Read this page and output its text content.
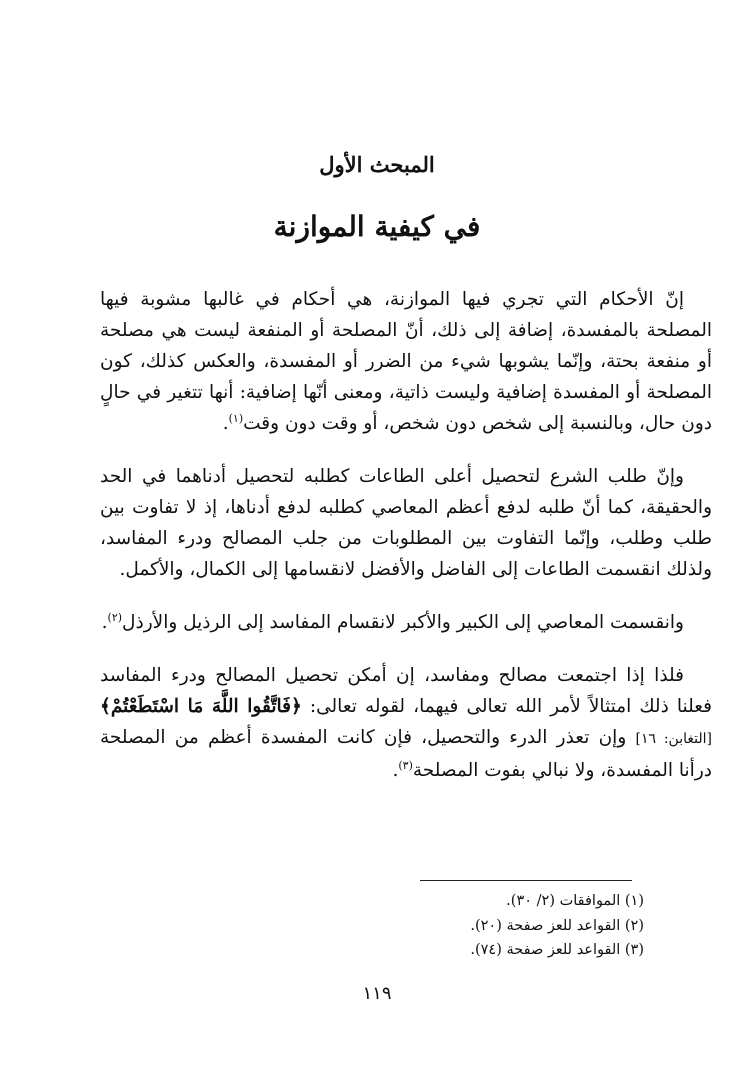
المبحث الأول
في كيفية الموازنة

إنّ الأحكام التي تجري فيها الموازنة، هي أحكام في غالبها مشوبة فيها المصلحة بالمفسدة، إضافة إلى ذلك، أنّ المصلحة أو المنفعة ليست هي مصلحة أو منفعة بحتة، وإنّما يشوبها شيء من الضرر أو المفسدة، والعكس كذلك، كون المصلحة أو المفسدة إضافية وليست ذاتية، ومعنى أنّها إضافية: أنها تتغير في حالٍ دون حال، وبالنسبة إلى شخص دون شخص، أو وقت دون وقت$^{(١)}$.

وإنّ طلب الشرع لتحصيل أعلى الطاعات كطلبه لتحصيل أدناهما في الحد والحقيقة، كما أنّ طلبه لدفع أعظم المعاصي كطلبه لدفع أدناها، إذ لا تفاوت بين طلب وطلب، وإنّما التفاوت بين المطلوبات من جلب المصالح ودرء المفاسد، ولذلك انقسمت الطاعات إلى الفاضل والأفضل لانقسامها إلى الكمال، والأكمل.

وانقسمت المعاصي إلى الكبير والأكبر لانقسام المفاسد إلى الرذيل والأرذل$^{(٢)}$.

فلذا إذا اجتمعت مصالح ومفاسد، إن أمكن تحصيل المصالح ودرء المفاسد فعلنا ذلك امتثالاً لأمر الله تعالى فيهما، لقوله تعالى: ﴿فَاتَّقُوا اللَّهَ مَا اسْتَطَعْتُمْ﴾ [التغابن: ١٦] وإن تعذر الدرء والتحصيل، فإن كانت المفسدة أعظم من المصلحة درأنا المفسدة، ولا نبالي بفوت المصلحة$^{(٣)}$.

(١) الموافقات (٢/ ٣٠).
(٢) القواعد للعز صفحة (٢٠).
(٣) القواعد للعز صفحة (٧٤).
١١٩
